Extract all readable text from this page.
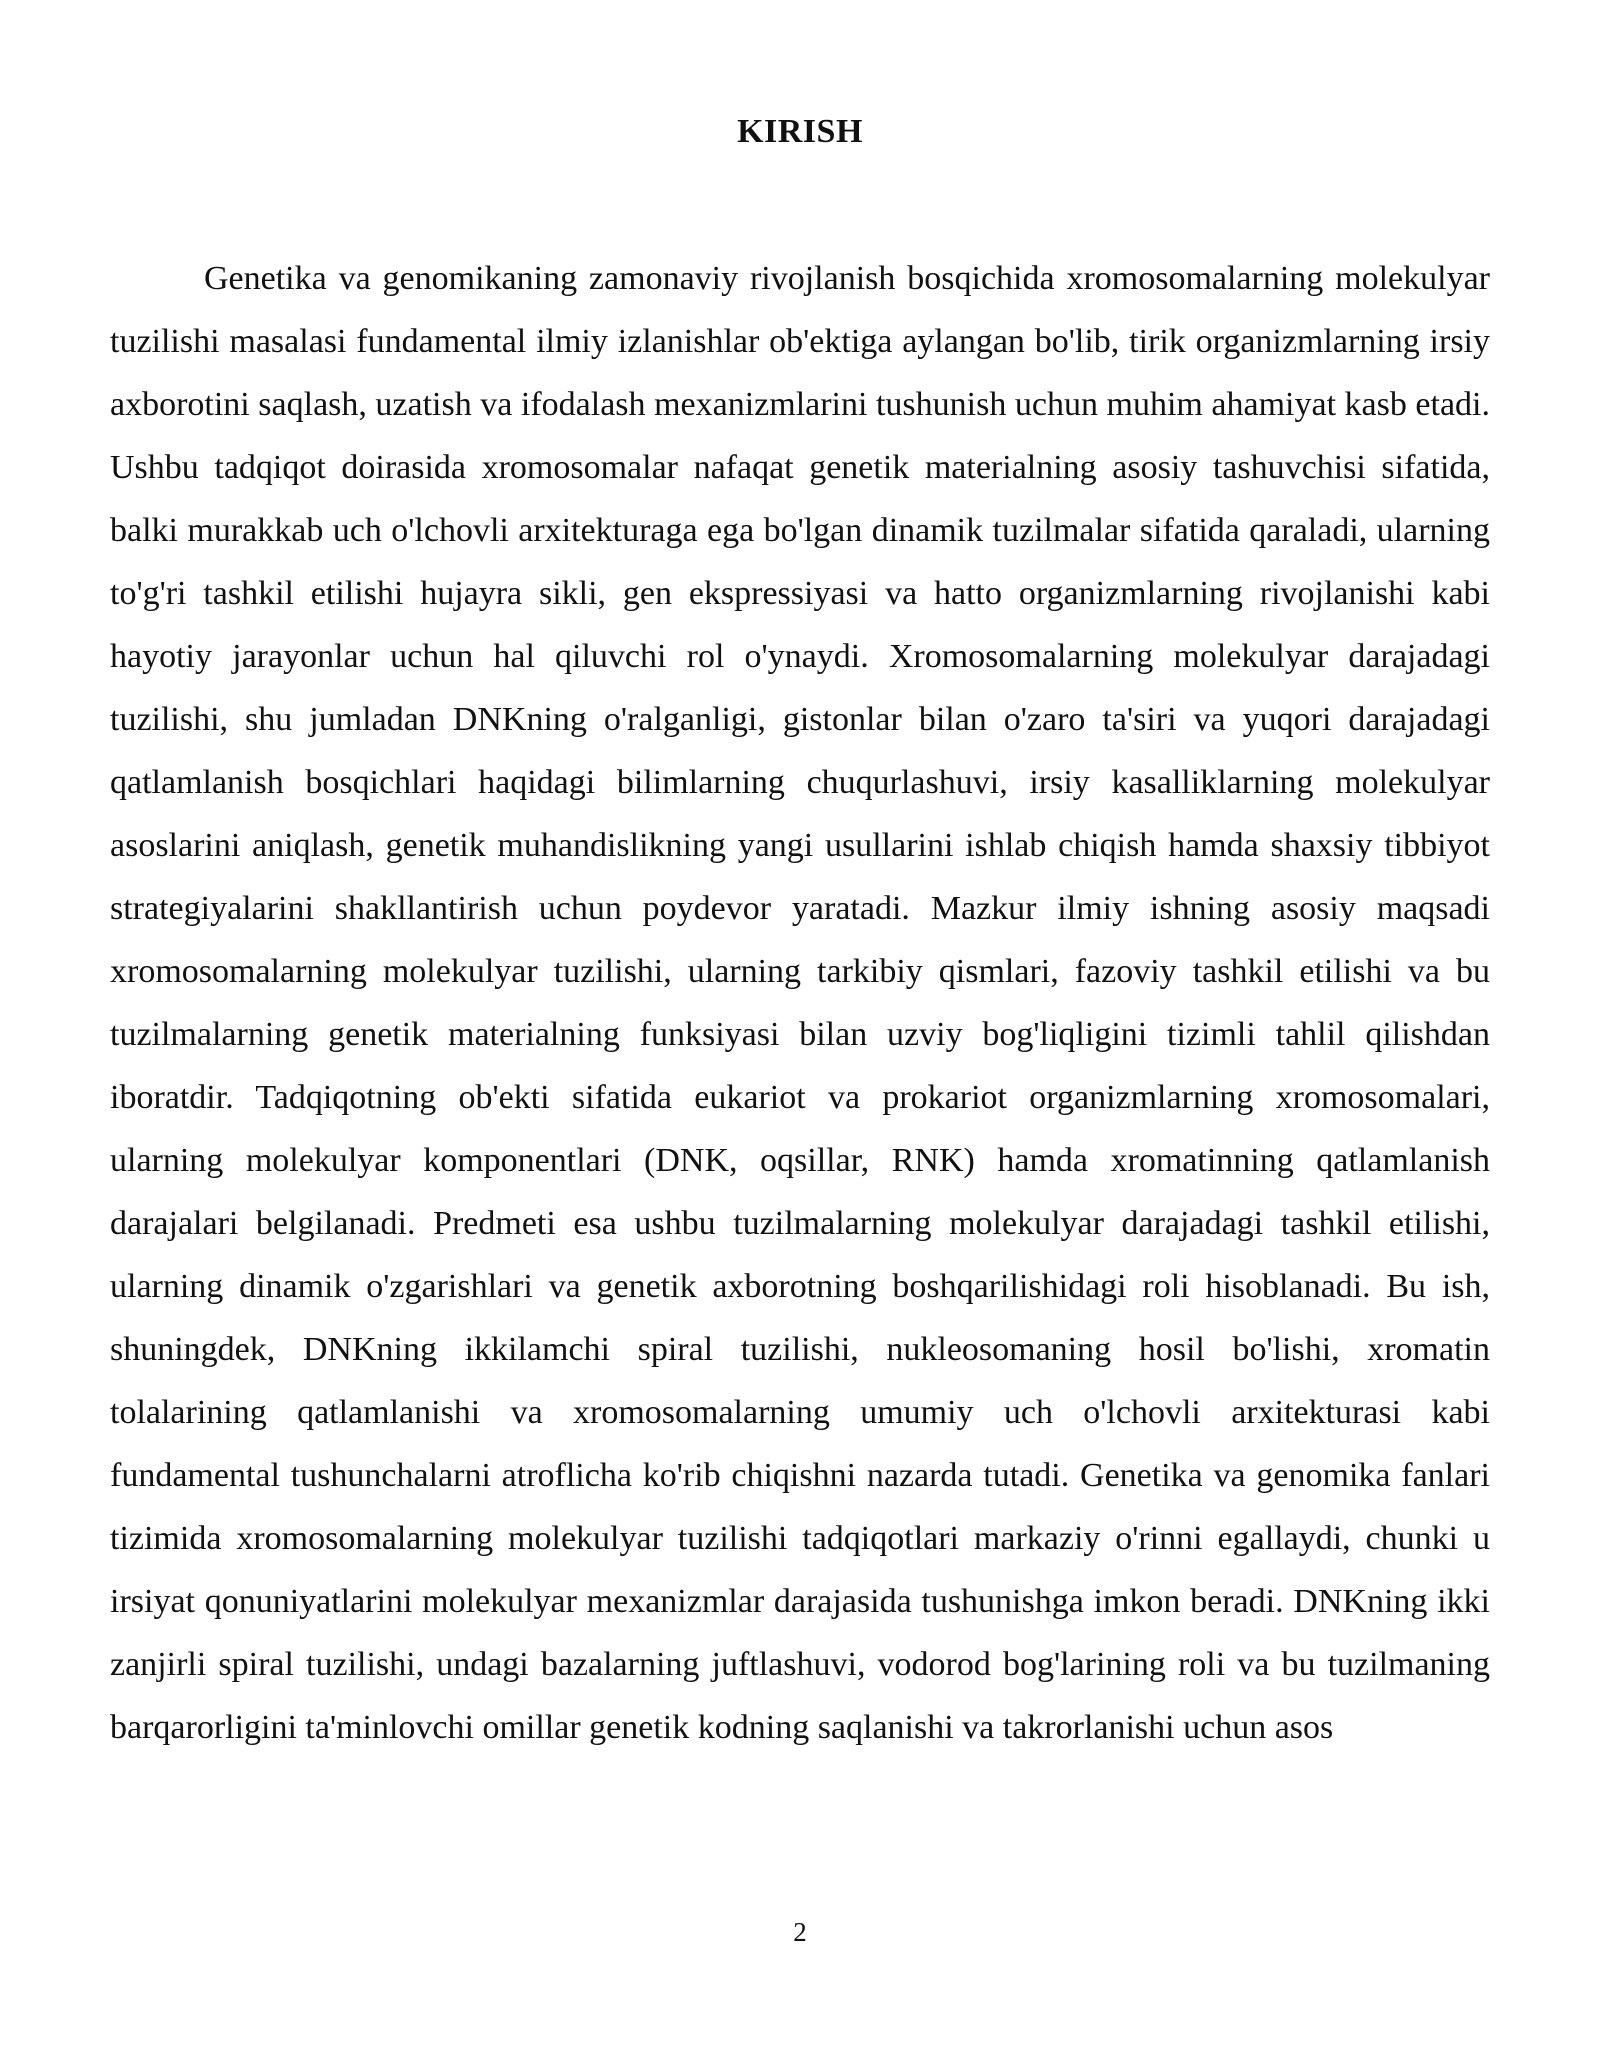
KIRISH

Genetika va genomikaning zamonaviy rivojlanish bosqichida xromosomalarning molekulyar tuzilishi masalasi fundamental ilmiy izlanishlar ob'ektiga aylangan bo'lib, tirik organizmlarning irsiy axborotini saqlash, uzatish va ifodalash mexanizmlarini tushunish uchun muhim ahamiyat kasb etadi. Ushbu tadqiqot doirasida xromosomalar nafaqat genetik materialning asosiy tashuvchisi sifatida, balki murakkab uch o'lchovli arxitekturaga ega bo'lgan dinamik tuzilmalar sifatida qaraladi, ularning to'g'ri tashkil etilishi hujayra sikli, gen ekspressiyasi va hatto organizmlarning rivojlanishi kabi hayotiy jarayonlar uchun hal qiluvchi rol o'ynaydi. Xromosomalarning molekulyar darajadagi tuzilishi, shu jumladan DNKning o'ralganligi, gistonlar bilan o'zaro ta'siri va yuqori darajadagi qatlamlanish bosqichlari haqidagi bilimlarning chuqurlashuvi, irsiy kasalliklarning molekulyar asoslarini aniqlash, genetik muhandislikning yangi usullarini ishlab chiqish hamda shaxsiy tibbiyot strategiyalarini shakllantirish uchun poydevor yaratadi. Mazkur ilmiy ishning asosiy maqsadi xromosomalarning molekulyar tuzilishi, ularning tarkibiy qismlari, fazoviy tashkil etilishi va bu tuzilmalarning genetik materialning funksiyasi bilan uzviy bog'liqligini tizimli tahlil qilishdan iboratdir. Tadqiqotning ob'ekti sifatida eukariot va prokariot organizmlarning xromosomalari, ularning molekulyar komponentlari (DNK, oqsillar, RNK) hamda xromatinning qatlamlanish darajalari belgilanadi. Predmeti esa ushbu tuzilmalarning molekulyar darajadagi tashkil etilishi, ularning dinamik o'zgarishlari va genetik axborotning boshqarilishidagi roli hisoblanadi. Bu ish, shuningdek, DNKning ikkilamchi spiral tuzilishi, nukleosomaning hosil bo'lishi, xromatin tolalarining qatlamlanishi va xromosomalarning umumiy uch o'lchovli arxitekturasi kabi fundamental tushunchalarni atroflicha ko'rib chiqishni nazarda tutadi. Genetika va genomika fanlari tizimida xromosomalarning molekulyar tuzilishi tadqiqotlari markaziy o'rinni egallaydi, chunki u irsiyat qonuniyatlarini molekulyar mexanizmlar darajasida tushunishga imkon beradi. DNKning ikki zanjirli spiral tuzilishi, undagi bazalarning juftlashuvi, vodorod bog'larining roli va bu tuzilmaning barqarorligini ta'minlovchi omillar genetik kodning saqlanishi va takrorlanishi uchun asos

2
